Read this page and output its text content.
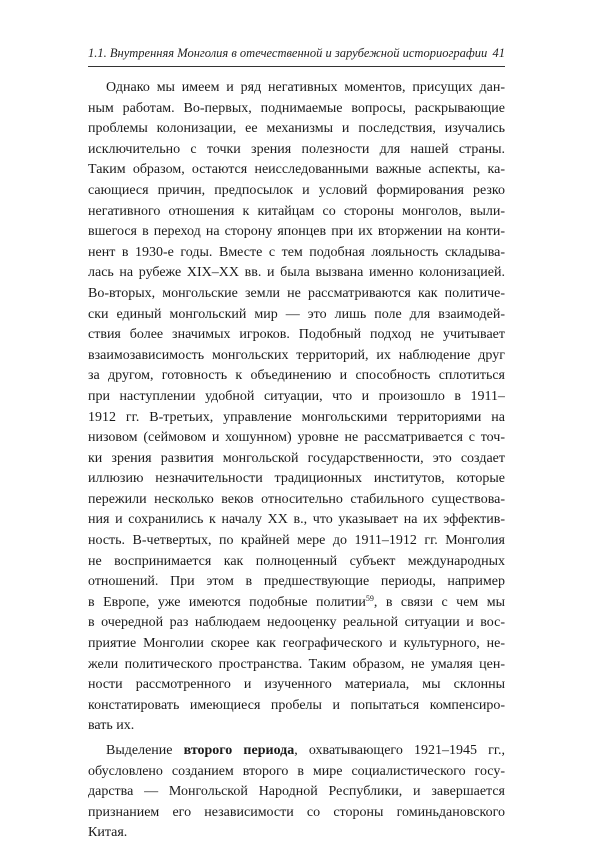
1.1. Внутренняя Монголия в отечественной и зарубежной историографии 41
Однако мы имеем и ряд негативных моментов, присущих дан-
ным работам. Во-первых, поднимаемые вопросы, раскрывающие
проблемы колонизации, ее механизмы и последствия, изучались
исключительно с точки зрения полезности для нашей страны.
Таким образом, остаются неисследованными важные аспекты, ка-
сающиеся причин, предпосылок и условий формирования резко
негативного отношения к китайцам со стороны монголов, выли-
вшегося в переход на сторону японцев при их вторжении на конти-
нент в 1930-е годы. Вместе с тем подобная лояльность складыва-
лась на рубеже XIX–XX вв. и была вызвана именно колонизацией.
Во-вторых, монгольские земли не рассматриваются как политиче-
ски единый монгольский мир — это лишь поле для взаимодей-
ствия более значимых игроков. Подобный подход не учитывает
взаимозависимость монгольских территорий, их наблюдение друг
за другом, готовность к объединению и способность сплотиться
при наступлении удобной ситуации, что и произошло в 1911–
1912 гг. В-третьих, управление монгольскими территориями на
низовом (сеймовом и хошунном) уровне не рассматривается с точ-
ки зрения развития монгольской государственности, это создает
иллюзию незначительности традиционных институтов, которые
пережили несколько веков относительно стабильного существова-
ния и сохранились к началу XX в., что указывает на их эффектив-
ность. В-четвертых, по крайней мере до 1911–1912 гг. Монголия
не воспринимается как полноценный субъект международных
отношений. При этом в предшествующие периоды, например
в Европе, уже имеются подобные политии$^{59}$, в связи с чем мы
в очередной раз наблюдаем недооценку реальной ситуации и вос-
приятие Монголии скорее как географического и культурного, не-
жели политического пространства. Таким образом, не умаляя цен-
ности рассмотренного и изученного материала, мы склонны
констатировать имеющиеся пробелы и попытаться компенсиро-
вать их.
Выделение второго периода, охватывающего 1921–1945 гг.,
обусловлено созданием второго в мире социалистического госу-
дарства — Монгольской Народной Республики, и завершается
признанием его независимости со стороны гоминьдановского
Китая.
